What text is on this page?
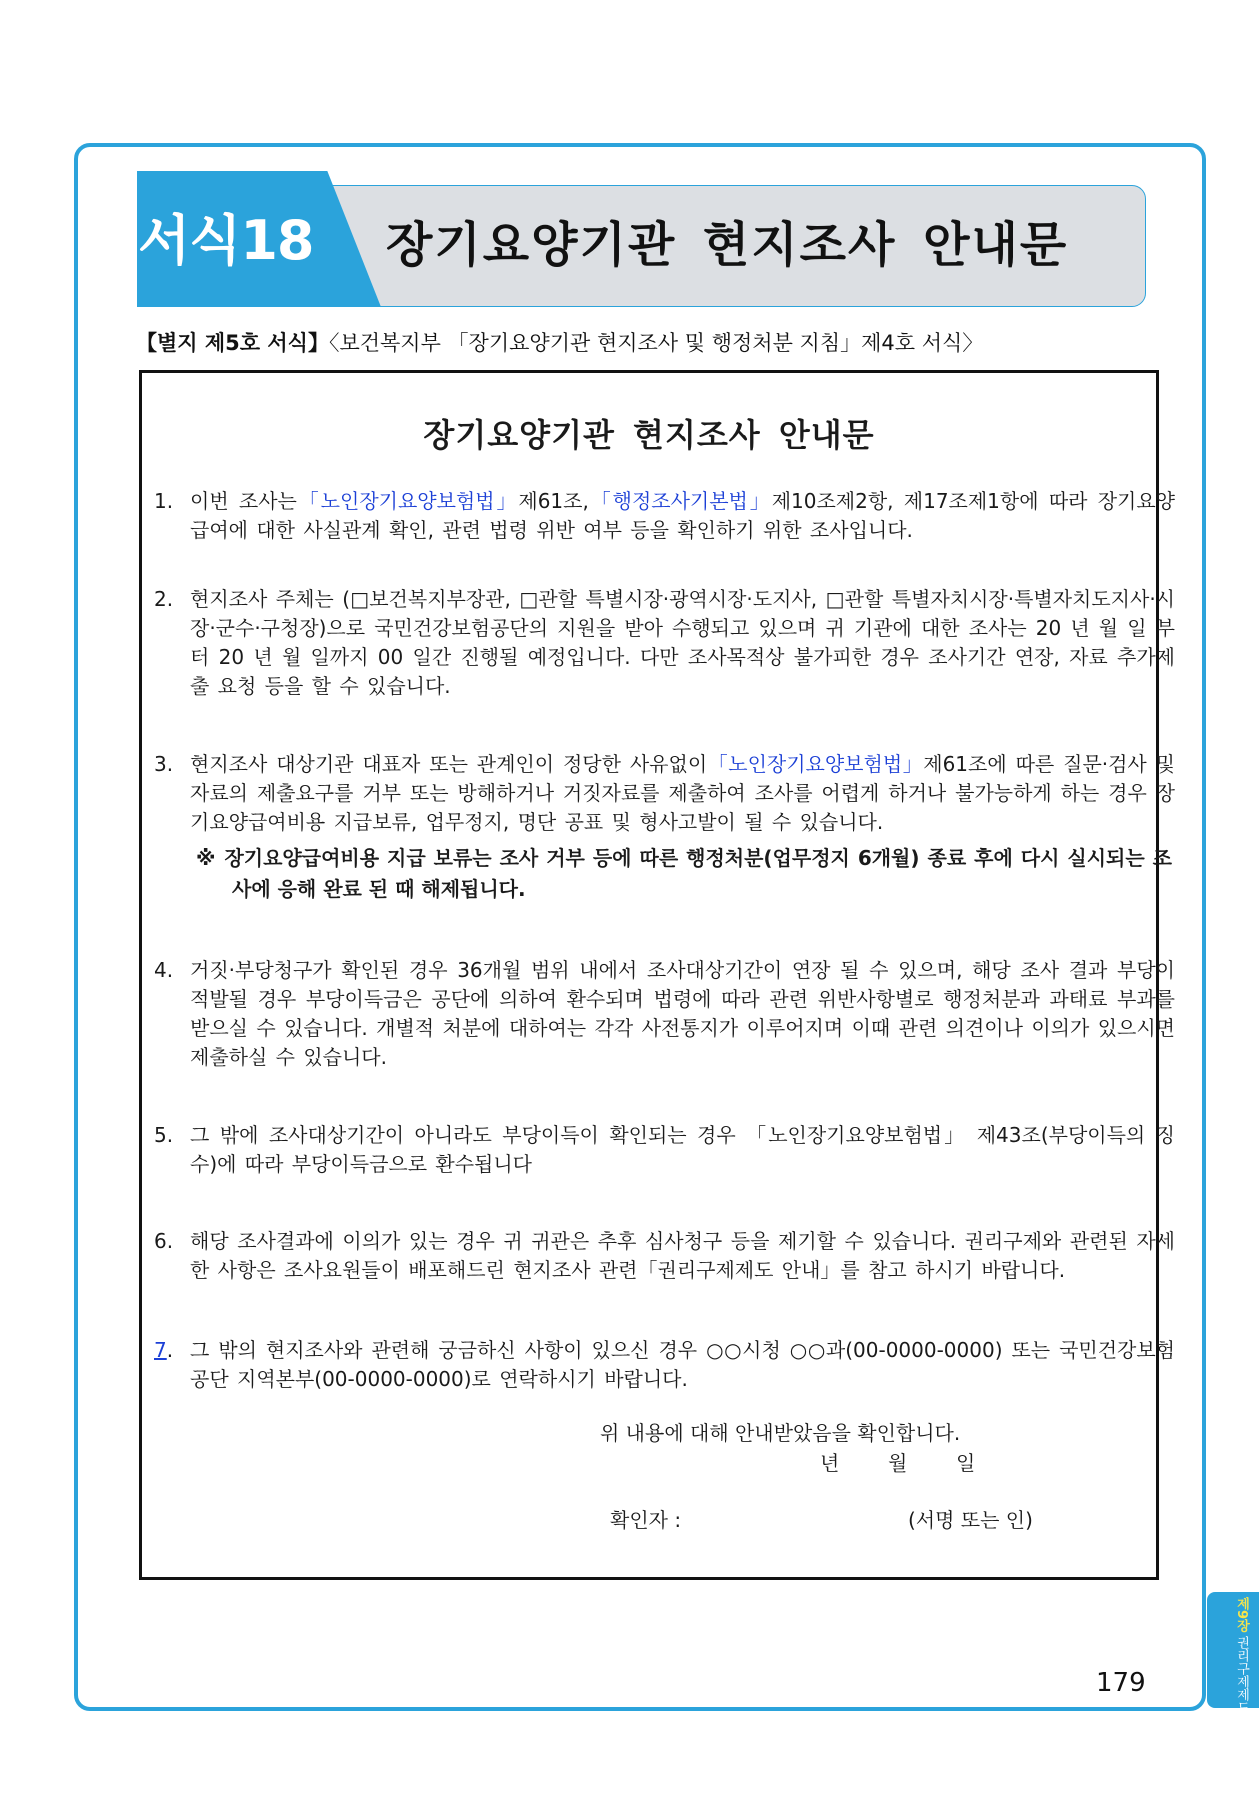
서식18	장기요양기관 현지조사 안내문
【별지 제5호 서식】〈보건복지부 「장기요양기관 현지조사 및 행정처분 지침」제4호 서식〉
장기요양기관 현지조사 안내문
1. 이번 조사는「노인장기요양보험법」제61조,「행정조사기본법」제10조제2항, 제17조제1항에 따라 장기요양 급여에 대한 사실관계 확인, 관련 법령 위반 여부 등을 확인하기 위한 조사입니다.
2. 현지조사 주체는 (□보건복지부장관, □관할 특별시장·광역시장·도지사, □관할 특별자치시장·특별자치도지사·시장·군수·구청장)으로 국민건강보험공단의 지원을 받아 수행되고 있으며 귀 기관에 대한 조사는 20 년 월 일 부터 20 년 월 일까지 00 일간 진행될 예정입니다. 다만 조사목적상 불가피한 경우 조사기간 연장, 자료 추가제출 요청 등을 할 수 있습니다.
3. 현지조사 대상기관 대표자 또는 관계인이 정당한 사유없이「노인장기요양보험법」제61조에 따른 질문·검사 및 자료의 제출요구를 거부 또는 방해하거나 거짓자료를 제출하여 조사를 어렵게 하거나 불가능하게 하는 경우 장기요양급여비용 지급보류, 업무정지, 명단 공표 및 형사고발이 될 수 있습니다.
※ 장기요양급여비용 지급 보류는 조사 거부 등에 따른 행정처분(업무정지 6개월) 종료 후에 다시 실시되는 조사에 응해 완료 된 때 해제됩니다.
4. 거짓·부당청구가 확인된 경우 36개월 범위 내에서 조사대상기간이 연장 될 수 있으며, 해당 조사 결과 부당이 적발될 경우 부당이득금은 공단에 의하여 환수되며 법령에 따라 관련 위반사항별로 행정처분과 과태료 부과를 받으실 수 있습니다. 개별적 처분에 대하여는 각각 사전통지가 이루어지며 이때 관련 의견이나 이의가 있으시면 제출하실 수 있습니다.
5. 그 밖에 조사대상기간이 아니라도 부당이득이 확인되는 경우 「노인장기요양보험법」 제43조(부당이득의 징수)에 따라 부당이득금으로 환수됩니다
6. 해당 조사결과에 이의가 있는 경우 귀 귀관은 추후 심사청구 등을 제기할 수 있습니다. 권리구제와 관련된 자세한 사항은 조사요원들이 배포해드린 현지조사 관련「권리구제제도 안내」를 참고 하시기 바랍니다.
7. 그 밖의 현지조사와 관련해 궁금하신 사항이 있으신 경우 ○○시청 ○○과(00-0000-0000) 또는 국민건강보험공단 지역본부(00-0000-0000)로 연락하시기 바랍니다.
위 내용에 대해 안내받았음을 확인합니다.
년 월 일
확인자 :	(서명 또는 인)
179
제9장 권리구제제도
